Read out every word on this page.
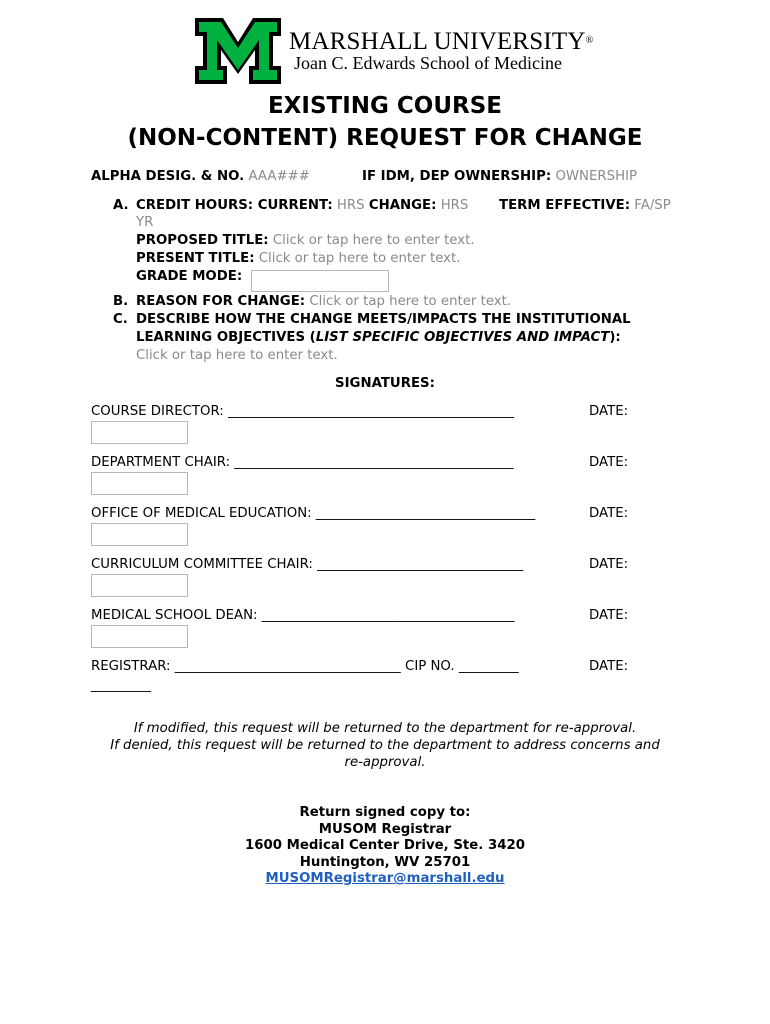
MARSHALL UNIVERSITY®
Joan C. Edwards School of Medicine
EXISTING COURSE
(NON-CONTENT) REQUEST FOR CHANGE
ALPHA DESIG. & NO. AAA###	IF IDM, DEP OWNERSHIP: OWNERSHIP
A. CREDIT HOURS: CURRENT: HRS CHANGE: HRS TERM EFFECTIVE: FA/SP
YR
PROPOSED TITLE: Click or tap here to enter text.
PRESENT TITLE: Click or tap here to enter text.
GRADE MODE:
B. REASON FOR CHANGE: Click or tap here to enter text.
C. DESCRIBE HOW THE CHANGE MEETS/IMPACTS THE INSTITUTIONAL
LEARNING OBJECTIVES (LIST SPECIFIC OBJECTIVES AND IMPACT):
Click or tap here to enter text.
SIGNATURES:
COURSE DIRECTOR: ___________________________________________	DATE:
DEPARTMENT CHAIR: __________________________________________	DATE:
OFFICE OF MEDICAL EDUCATION: _________________________________	DATE:
CURRICULUM COMMITTEE CHAIR: _______________________________	DATE:
MEDICAL SCHOOL DEAN: ______________________________________	DATE:
REGISTRAR: __________________________________ CIP NO. _________	DATE:
_________
If modified, this request will be returned to the department for re-approval.
If denied, this request will be returned to the department to address concerns and
re-approval.
Return signed copy to:
MUSOM Registrar
1600 Medical Center Drive, Ste. 3420
Huntington, WV 25701
MUSOMRegistrar@marshall.edu
